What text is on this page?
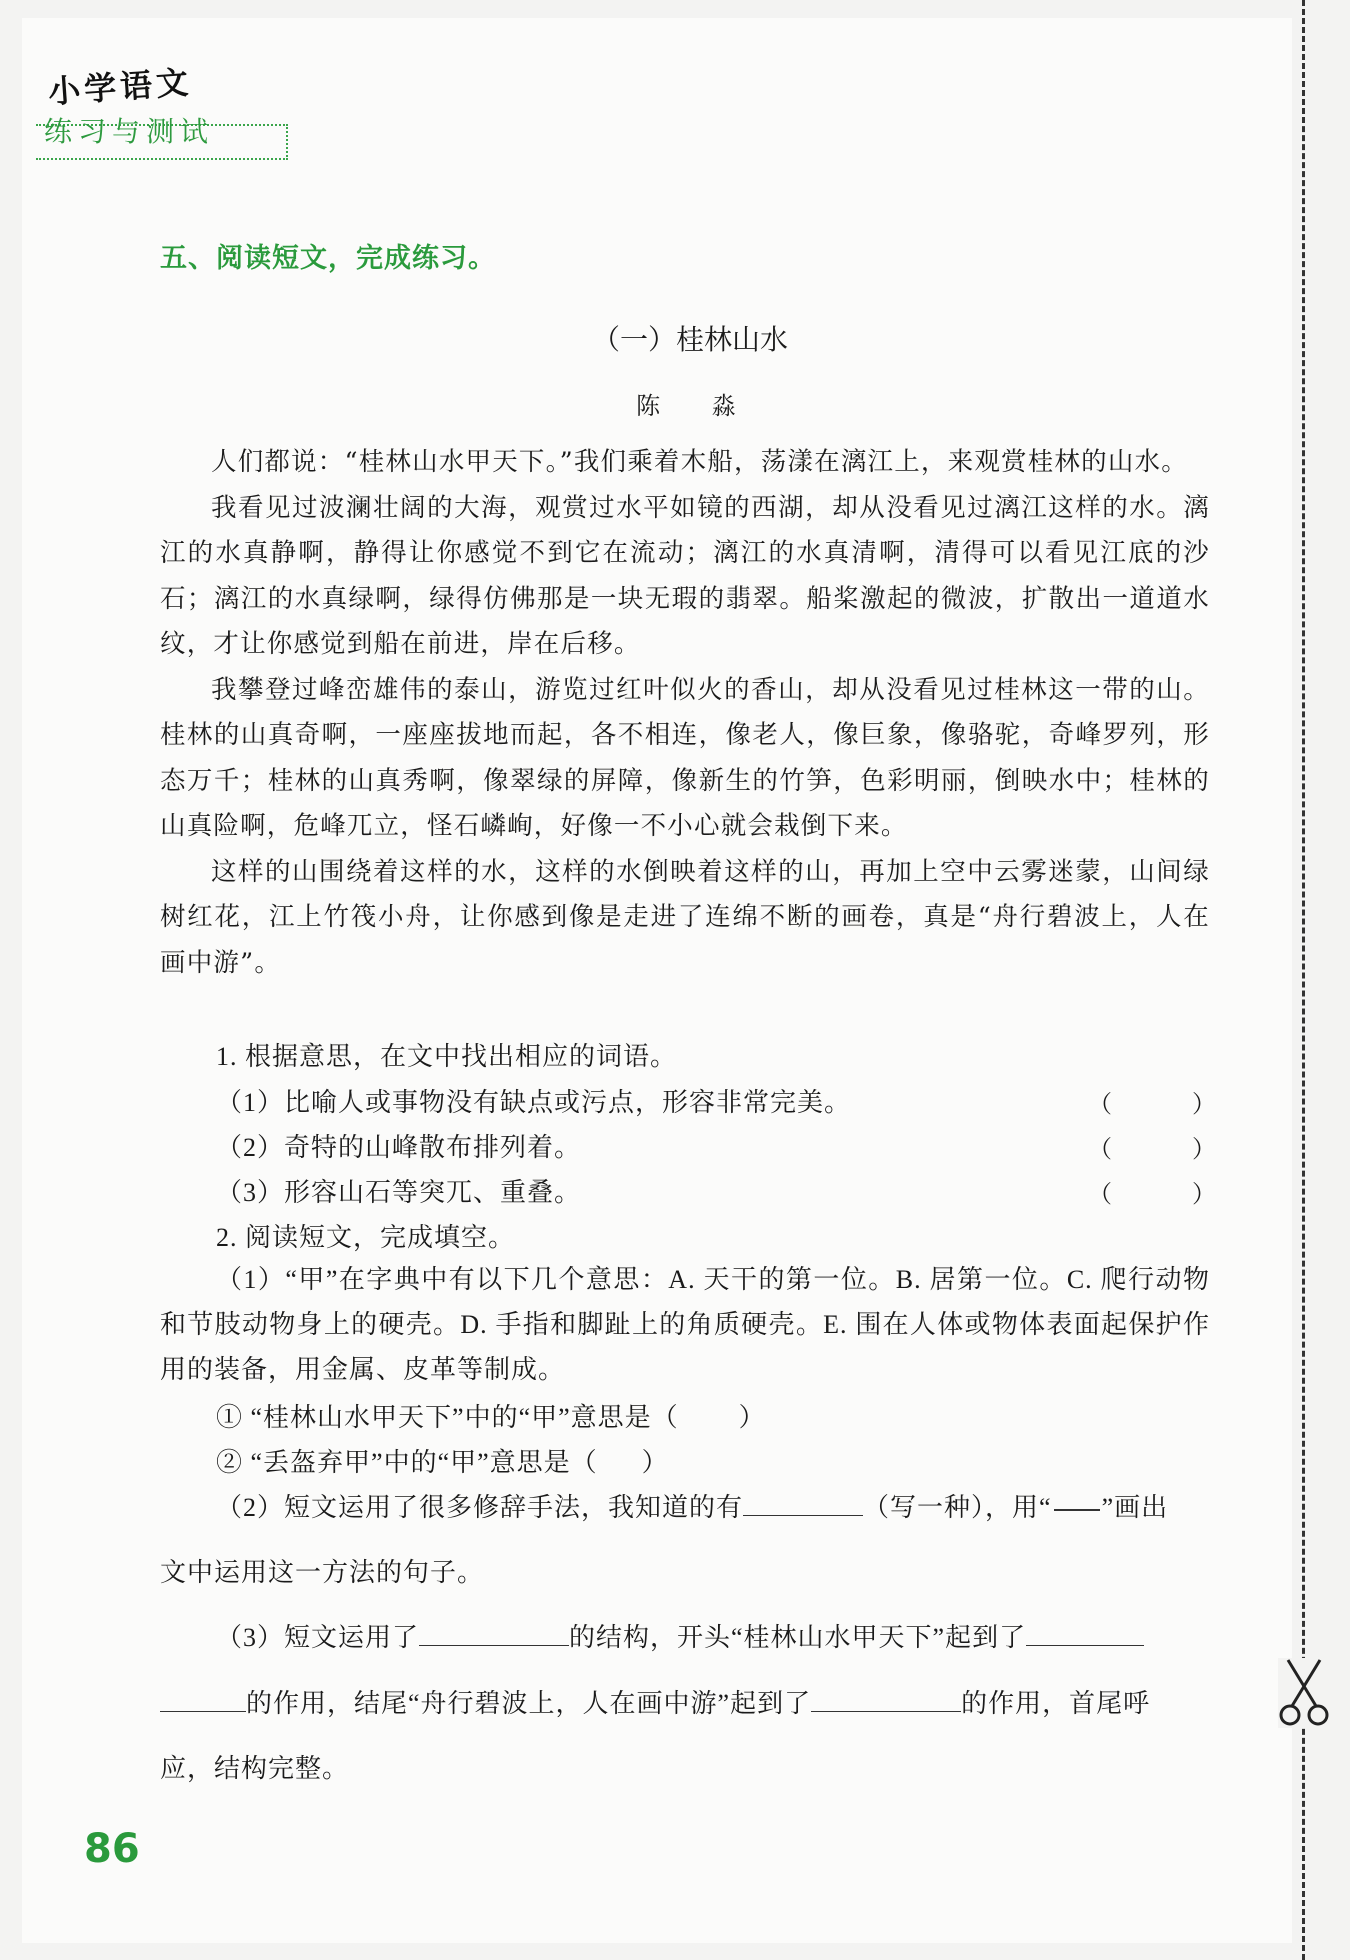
小学语文
练习与测试
五、阅读短文，完成练习。
（一）桂林山水
陈 淼

人们都说：“桂林山水甲天下。”我们乘着木船，荡漾在漓江上，来观赏桂林的山水。

我看见过波澜壮阔的大海，观赏过水平如镜的西湖，却从没看见过漓江这样的水。漓江的水真静啊，静得让你感觉不到它在流动；漓江的水真清啊，清得可以看见江底的沙石；漓江的水真绿啊，绿得仿佛那是一块无瑕的翡翠。船桨激起的微波，扩散出一道道水纹，才让你感觉到船在前进，岸在后移。

我攀登过峰峦雄伟的泰山，游览过红叶似火的香山，却从没看见过桂林这一带的山。桂林的山真奇啊，一座座拔地而起，各不相连，像老人，像巨象，像骆驼，奇峰罗列，形态万千；桂林的山真秀啊，像翠绿的屏障，像新生的竹笋，色彩明丽，倒映水中；桂林的山真险啊，危峰兀立，怪石嶙峋，好像一不小心就会栽倒下来。

这样的山围绕着这样的水，这样的水倒映着这样的山，再加上空中云雾迷蒙，山间绿树红花，江上竹筏小舟，让你感到像是走进了连绵不断的画卷，真是“舟行碧波上，人在画中游”。

1. 根据意思，在文中找出相应的词语。
（1）比喻人或事物没有缺点或污点，形容非常完美。	（	）
（2）奇特的山峰散布排列着。	（	）
（3）形容山石等突兀、重叠。	（	）
2. 阅读短文，完成填空。
（1）“甲”在字典中有以下几个意思：A. 天干的第一位。B. 居第一位。C. 爬行动物和节肢动物身上的硬壳。D. 手指和脚趾上的角质硬壳。E. 围在人体或物体表面起保护作用的装备，用金属、皮革等制成。
① “桂林山水甲天下”中的“甲”意思是（ ）
② “丢盔弃甲”中的“甲”意思是（ ）
（2）短文运用了很多修辞手法，我知道的有	（写一种），用“ ”画出
文中运用这一方法的句子。
（3）短文运用了	的结构，开头“桂林山水甲天下”起到了
的作用，结尾“舟行碧波上，人在画中游”起到了	的作用，首尾呼
应，结构完整。
86
